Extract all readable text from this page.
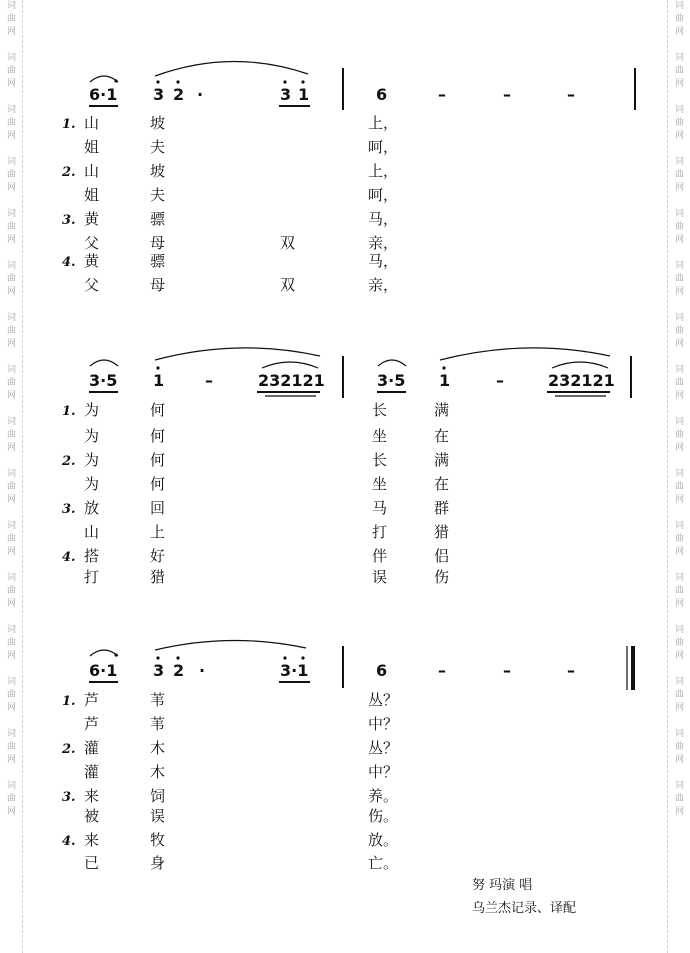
词
曲
网

词
曲
网

词
曲
网

词
曲
网

词
曲
网

词
曲
网

词
曲
网

词
曲
网

词
曲
网

词
曲
网

词
曲
网

词
曲
网

词
曲
网

词
曲
网

词
曲
网

词
曲
网

词
曲
网

词
曲
网

词
曲
网

词
曲
网

词
曲
网

词
曲
网

词
曲
网

词
曲
网

词
曲
网

词
曲
网

词
曲
网

词
曲
网

词
曲
网

词
曲
网

词
曲
网

词
曲
网

6·1 3 2 ·	3 1	6	–	–	–
1. 山	坡	上，
姐	夫	呵，
2. 山	坡	上，
姐	夫	呵，
3. 黄	骠	马，
父	母	双	亲，
4. 黄	骠	马，
父	母	双	亲，
3·5 1	–	232121	3·5 1	–	232121
1. 为	何	长	满
为	何	坐	在
2. 为	何	长	满
为	何	坐	在
3. 放	回	马	群
山	上	打	猎
4. 搭	好	伴	侣
打	猎	误	伤
6·1 3 2 ·	3·1	6	–	–	–
1. 芦	苇	丛？
芦	苇	中？
2. 灌	木	丛？
灌	木	中？
3. 来	饲	养。
被	误	伤。
4. 来	牧	放。
已	身	亡。
努 玛演 唱
乌兰杰记录、译配
